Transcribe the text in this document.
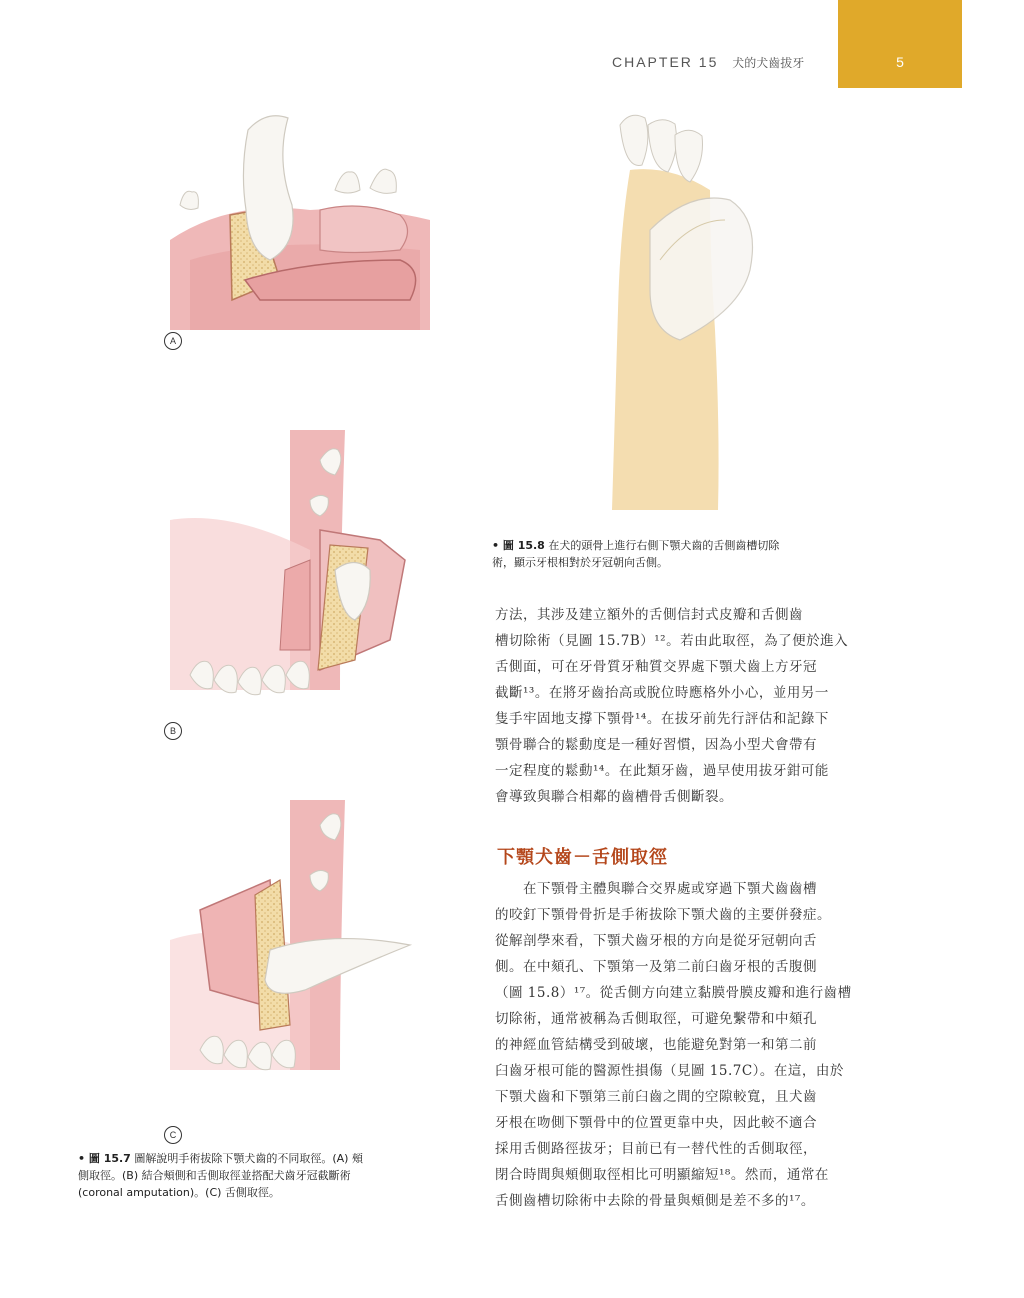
CHAPTER 15 犬的犬齒拔牙	5
A
B
C
• 圖 15.7 圖解說明手術拔除下顎犬齒的不同取徑。(A) 頰
側取徑。(B) 結合頰側和舌側取徑並搭配犬齒牙冠截斷術
(coronal amputation)。(C) 舌側取徑。
• 圖 15.8 在犬的頭骨上進行右側下顎犬齒的舌側齒槽切除
術，顯示牙根相對於牙冠朝向舌側。
方法，其涉及建立額外的舌側信封式皮瓣和舌側齒
槽切除術（見圖 15.7B）¹²。若由此取徑，為了便於進入
舌側面，可在牙骨質牙釉質交界處下顎犬齒上方牙冠
截斷¹³。在將牙齒抬高或脫位時應格外小心，並用另一
隻手牢固地支撐下顎骨¹⁴。在拔牙前先行評估和記錄下
顎骨聯合的鬆動度是一種好習慣，因為小型犬會帶有
一定程度的鬆動¹⁴。在此類牙齒，過早使用拔牙鉗可能
會導致與聯合相鄰的齒槽骨舌側斷裂。
下顎犬齒－舌側取徑
在下顎骨主體與聯合交界處或穿過下顎犬齒齒槽
的咬釘下顎骨骨折是手術拔除下顎犬齒的主要併發症。
從解剖學來看，下顎犬齒牙根的方向是從牙冠朝向舌
側。在中頦孔、下顎第一及第二前臼齒牙根的舌腹側
（圖 15.8）¹⁷。從舌側方向建立黏膜骨膜皮瓣和進行齒槽
切除術，通常被稱為舌側取徑，可避免繫帶和中頦孔
的神經血管結構受到破壞，也能避免對第一和第二前
臼齒牙根可能的醫源性損傷（見圖 15.7C）。在這，由於
下顎犬齒和下顎第三前臼齒之間的空隙較寬，且犬齒
牙根在吻側下顎骨中的位置更靠中央，因此較不適合
採用舌側路徑拔牙；目前已有一替代性的舌側取徑，
閉合時間與頰側取徑相比可明顯縮短¹⁸。然而，通常在
舌側齒槽切除術中去除的骨量與頰側是差不多的¹⁷。
